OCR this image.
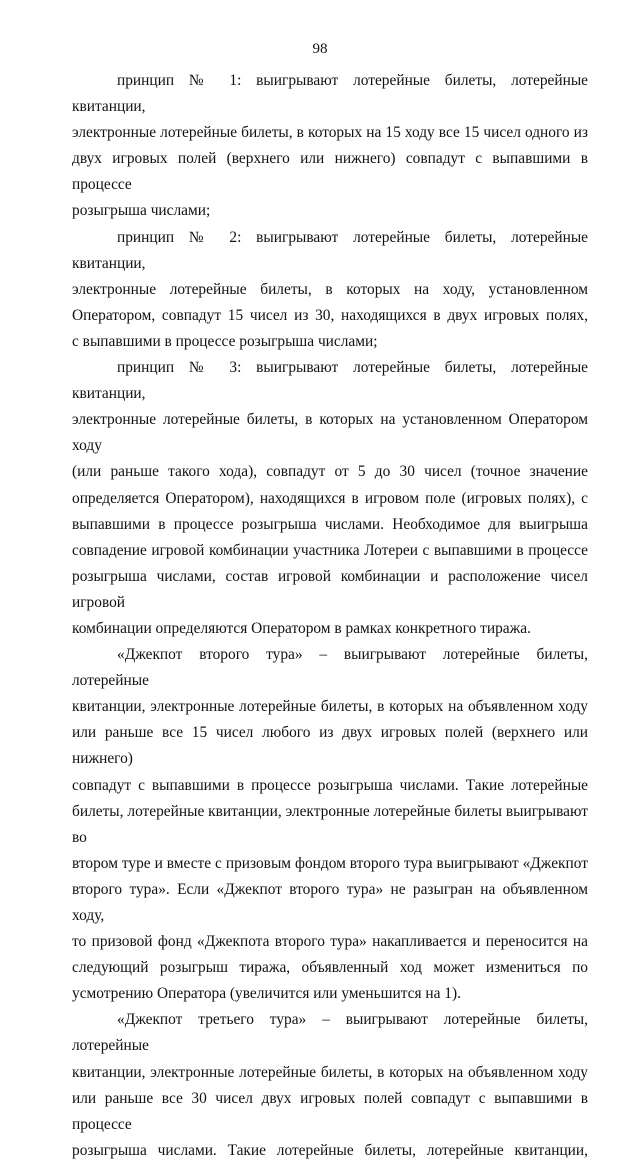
98

принцип № 1: выигрывают лотерейные билеты, лотерейные квитанции,
электронные лотерейные билеты, в которых на 15 ходу все 15 чисел одного из
двух игровых полей (верхнего или нижнего) совпадут с выпавшими в процессе
розыгрыша числами;

принцип № 2: выигрывают лотерейные билеты, лотерейные квитанции,
электронные лотерейные билеты, в которых на ходу, установленном
Оператором, совпадут 15 чисел из 30, находящихся в двух игровых полях,
с выпавшими в процессе розыгрыша числами;

принцип № 3: выигрывают лотерейные билеты, лотерейные квитанции,
электронные лотерейные билеты, в которых на установленном Оператором ходу
(или раньше такого хода), совпадут от 5 до 30 чисел (точное значение
определяется Оператором), находящихся в игровом поле (игровых полях), с
выпавшими в процессе розыгрыша числами. Необходимое для выигрыша
совпадение игровой комбинации участника Лотереи с выпавшими в процессе
розыгрыша числами, состав игровой комбинации и расположение чисел игровой
комбинации определяются Оператором в рамках конкретного тиража.

«Джекпот второго тура» – выигрывают лотерейные билеты, лотерейные
квитанции, электронные лотерейные билеты, в которых на объявленном ходу
или раньше все 15 чисел любого из двух игровых полей (верхнего или нижнего)
совпадут с выпавшими в процессе розыгрыша числами. Такие лотерейные
билеты, лотерейные квитанции, электронные лотерейные билеты выигрывают во
втором туре и вместе с призовым фондом второго тура выигрывают «Джекпот
второго тура». Если «Джекпот второго тура» не разыгран на объявленном ходу,
то призовой фонд «Джекпота второго тура» накапливается и переносится на
следующий розыгрыш тиража, объявленный ход может измениться по
усмотрению Оператора (увеличится или уменьшится на 1).

«Джекпот третьего тура» – выигрывают лотерейные билеты, лотерейные
квитанции, электронные лотерейные билеты, в которых на объявленном ходу
или раньше все 30 чисел двух игровых полей совпадут с выпавшими в процессе
розыгрыша числами. Такие лотерейные билеты, лотерейные квитанции,
